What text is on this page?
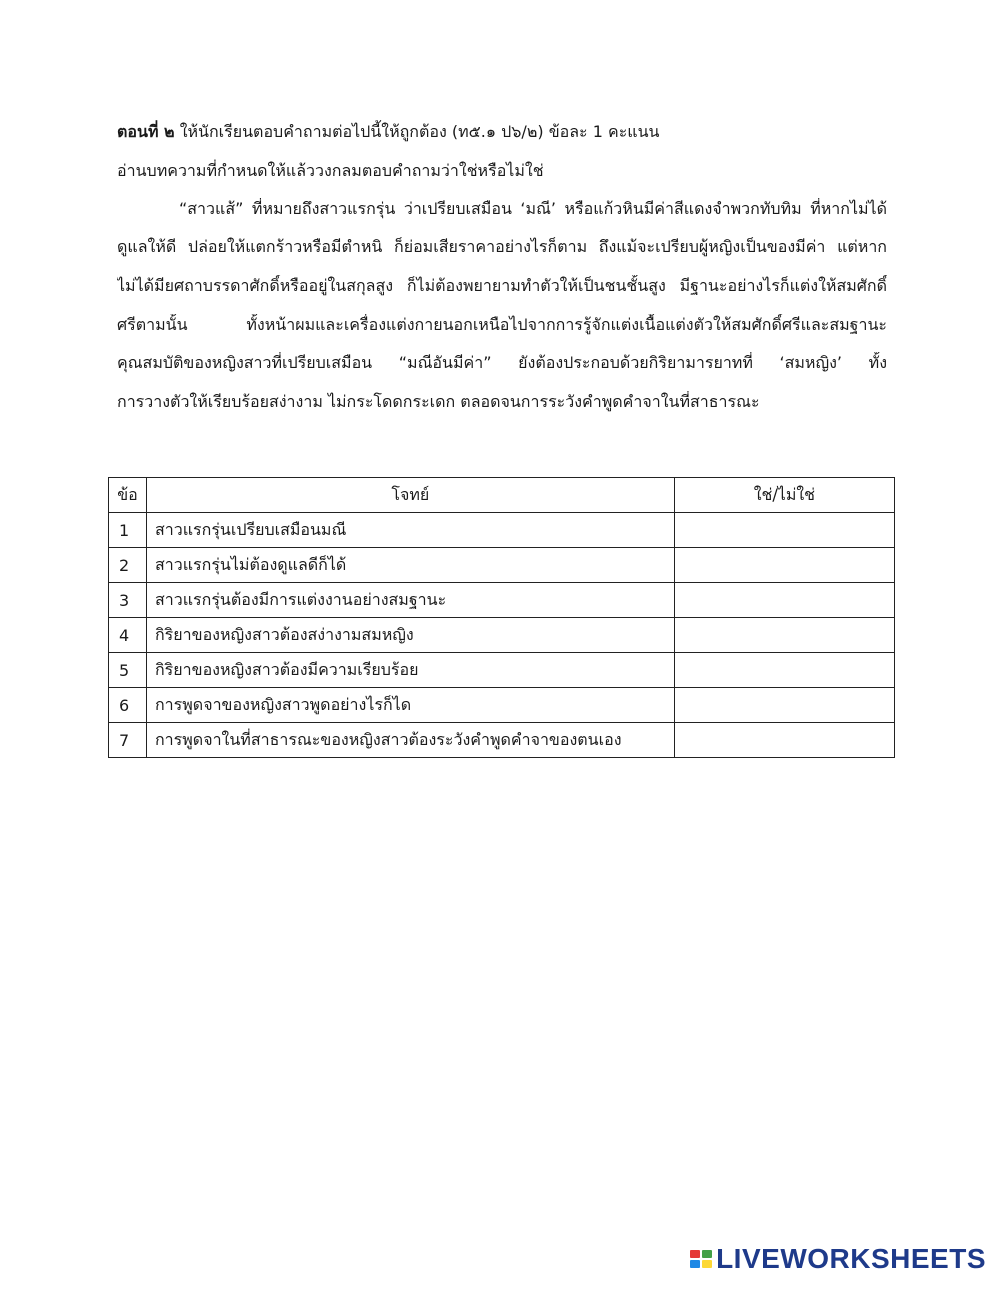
ตอนที่ ๒ ให้นักเรียนตอบคำถามต่อไปนี้ให้ถูกต้อง (ท๕.๑ ป๖/๒) ข้อละ 1 คะแนน
อ่านบทความที่กำหนดให้แล้ววงกลมตอบคำถามว่าใช่หรือไม่ใช่
“สาวแส้” ที่หมายถึงสาวแรกรุ่น ว่าเปรียบเสมือน ‘มณี’ หรือแก้วหินมีค่าสีแดงจำพวกทับทิม ที่หากไม่ได้
ดูแลให้ดี ปล่อยให้แตกร้าวหรือมีตำหนิ ก็ย่อมเสียราคาอย่างไรก็ตาม ถึงแม้จะเปรียบผู้หญิงเป็นของมีค่า แต่หาก
ไม่ได้มียศถาบรรดาศักดิ์หรืออยู่ในสกุลสูง ก็ไม่ต้องพยายามทำตัวให้เป็นชนชั้นสูง มีฐานะอย่างไรก็แต่งให้สมศักดิ์
ศรีตามนั้น ทั้งหน้าผมและเครื่องแต่งกายนอกเหนือไปจากการรู้จักแต่งเนื้อแต่งตัวให้สมศักดิ์ศรีและสมฐานะ
คุณสมบัติของหญิงสาวที่เปรียบเสมือน “มณีอันมีค่า” ยังต้องประกอบด้วยกิริยามารยาทที่ ‘สมหญิง’ ทั้ง
การวางตัวให้เรียบร้อยสง่างาม ไม่กระโดดกระเดก ตลอดจนการระวังคำพูดคำจาในที่สาธารณะ
ข้อ	โจทย์	ใช่/ไม่ใช่
1	สาวแรกรุ่นเปรียบเสมือนมณี	
2	สาวแรกรุ่นไม่ต้องดูแลดีก็ได้	
3	สาวแรกรุ่นต้องมีการแต่งงานอย่างสมฐานะ	
4	กิริยาของหญิงสาวต้องสง่างามสมหญิง	
5	กิริยาของหญิงสาวต้องมีความเรียบร้อย	
6	การพูดจาของหญิงสาวพูดอย่างไรก็ได	
7	การพูดจาในที่สาธารณะของหญิงสาวต้องระวังคำพูดคำจาของตนเอง	
LIVEWORKSHEETS
